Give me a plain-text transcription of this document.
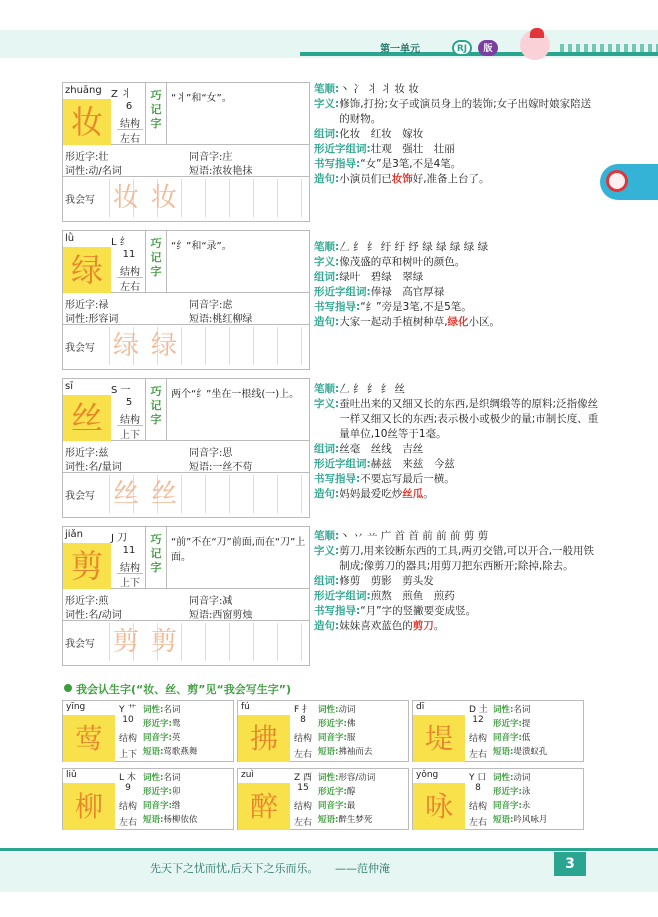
第一单元	RJ	版
zhuāng Z 丬
妆	6
结构
左右
巧记字
“丬”和“女”。
形近字:壮	同音字:庄
词性:动/名词	短语:浓妆艳抹
我会写 妆妆
笔顺: 丶 冫 丬 丬 妆 妆
字义: 修饰,打扮;女子或演员身上的装饰;女子出嫁时娘家陪送的财物。
组词: 化妆　红妆　嫁妆
形近字组词: 壮观　强壮　壮丽
书写指导: “女”是3笔,不是4笔。
造句: 小演员们已妆饰好,准备上台了。
lǜ	L 纟
绿	11
结构
左右
巧记字
“纟”和“录”。
形近字:禄	同音字:虑
词性:形容词	短语:桃红柳绿
我会写 绿绿
笔顺: 𠃋 纟 纟 纡 纡 纾 绿 绿 绿 绿 绿
字义: 像茂盛的草和树叶的颜色。
组词: 绿叶　碧绿　翠绿
形近字组词: 俸禄　高官厚禄
书写指导: “纟”旁是3笔,不是5笔。
造句: 大家一起动手植树种草,绿化小区。
sī	S 一
丝	5
结构
上下
巧记字
两个“纟”坐在一根线(一)上。
形近字:兹	同音字:思
词性:名/量词	短语:一丝不苟
我会写 丝丝
笔顺: 𠃋 纟 纟 纟 丝
字义: 蚕吐出来的又细又长的东西,是织绸缎等的原料;泛指像丝一样又细又长的东西;表示极小或极少的量;市制长度、重量单位,10丝等于1毫。
组词: 丝毫　丝线　吉丝
形近字组词: 赫兹　来兹　今兹
书写指导: 不要忘写最后一横。
造句: 妈妈最爱吃炒丝瓜。
jiǎn	J 刀
剪	11
结构
上下
巧记字
“前”不在“刀”前面,而在“刀”上面。
形近字:煎	同音字:减
词性:名/动词	短语:西窗剪烛
我会写 剪剪
笔顺: 丶 丷 䒑 广 首 首 前 前 前 剪 剪
字义: 剪刀,用来铰断东西的工具,两刃交错,可以开合,一般用铁制成;像剪刀的器具;用剪刀把东西断开;除掉,除去。
组词: 修剪　剪影　剪头发
形近字组词: 煎熬　煎鱼　煎药
书写指导: “月”字的竖撇要变成竖。
造句: 妹妹喜欢蓝色的剪刀。
我会认生字(“妆、丝、剪”见“我会写生字”)
yīng	Y 艹
莺
10
结构
上下
词性:名词
形近字:鸳
同音字:英
短语:莺歌燕舞
fú	F 扌
拂
8
结构
左右
词性:动词
形近字:佛
同音字:服
短语:拂袖而去
dī	D 土
堤
12
结构
左右
词性:名词
形近字:提
同音字:低
短语:堤溃蚁孔
liǔ	L 木
柳
9
结构
左右
词性:名词
形近字:卯
同音字:绺
短语:杨柳依依
zuì	Z 酉
醉
15
结构
左右
词性:形容/动词
形近字:醇
同音字:最
短语:醉生梦死
yǒng	Y 口
咏
8
结构
左右
词性:动词
形近字:泳
同音字:永
短语:吟风咏月
先天下之忧而忧,后天下之乐而乐。　　——范仲淹	3
